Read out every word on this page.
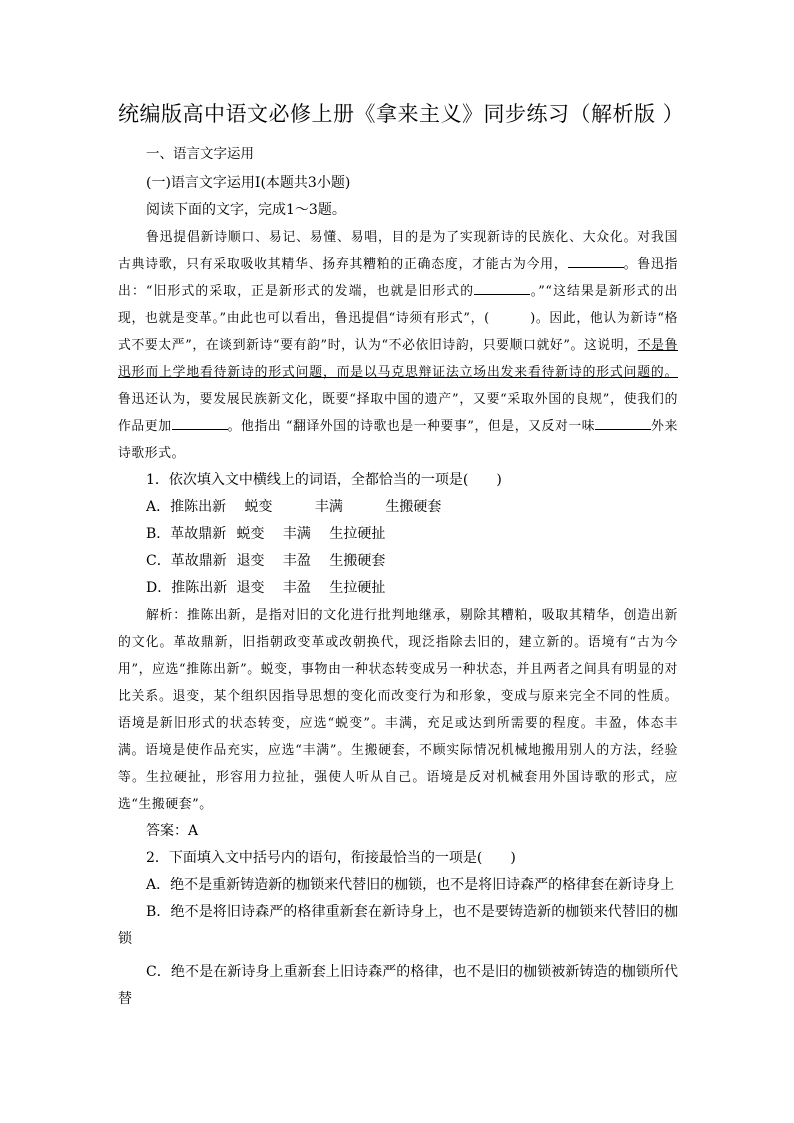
统编版高中语文必修上册《拿来主义》同步练习（解析版 ）
一、语言文字运用
(一)语言文字运用Ⅰ(本题共3小题)
阅读下面的文字，完成1～3题。

鲁迅提倡新诗顺口、易记、易懂、易唱，目的是为了实现新诗的民族化、大众化。对我国古典诗歌，只有采取吸收其精华、扬弃其糟粕的正确态度，才能古为今用，	。鲁迅指出：“旧形式的采取，正是新形式的发端，也就是旧形式的	。”“这结果是新形式的出现，也就是变革。”由此也可以看出，鲁迅提倡“诗须有形式”，(　　　)。因此，他认为新诗“格式不要太严”，在谈到新诗“要有韵”时，认为“不必依旧诗韵，只要顺口就好”。这说明，不是鲁迅形而上学地看待新诗的形式问题，而是以马克思辩证法立场出发来看待新诗的形式问题的。鲁迅还认为，要发展民族新文化，既要“择取中国的遗产”，又要“采取外国的良规”，使我们的作品更加	。他指出 “翻译外国的诗歌也是一种要事”，但是，又反对一味	外来诗歌形式。

1．依次填入文中横线上的词语，全都恰当的一项是(　　)
A．推陈出新 蜕变	丰满	生搬硬套
B．革故鼎新 蜕变 丰满 生拉硬扯
C．革故鼎新 退变 丰盈 生搬硬套
D．推陈出新 退变 丰盈 生拉硬扯

解析：推陈出新，是指对旧的文化进行批判地继承，剔除其糟粕，吸取其精华，创造出新的文化。革故鼎新，旧指朝政变革或改朝换代，现泛指除去旧的，建立新的。语境有“古为今用”，应选“推陈出新”。蜕变，事物由一种状态转变成另一种状态，并且两者之间具有明显的对比关系。退变，某个组织因指导思想的变化而改变行为和形象，变成与原来完全不同的性质。语境是新旧形式的状态转变，应选“蜕变”。丰满，充足或达到所需要的程度。丰盈，体态丰满。语境是使作品充实，应选“丰满”。生搬硬套，不顾实际情况机械地搬用别人的方法，经验等。生拉硬扯，形容用力拉扯，强使人听从自己。语境是反对机械套用外国诗歌的形式，应选“生搬硬套”。

答案：A
2．下面填入文中括号内的语句，衔接最恰当的一项是(　　)
A．绝不是重新铸造新的枷锁来代替旧的枷锁，也不是将旧诗森严的格律套在新诗身上
B．绝不是将旧诗森严的格律重新套在新诗身上，也不是要铸造新的枷锁来代替旧的枷锁
C．绝不是在新诗身上重新套上旧诗森严的格律，也不是旧的枷锁被新铸造的枷锁所代替
